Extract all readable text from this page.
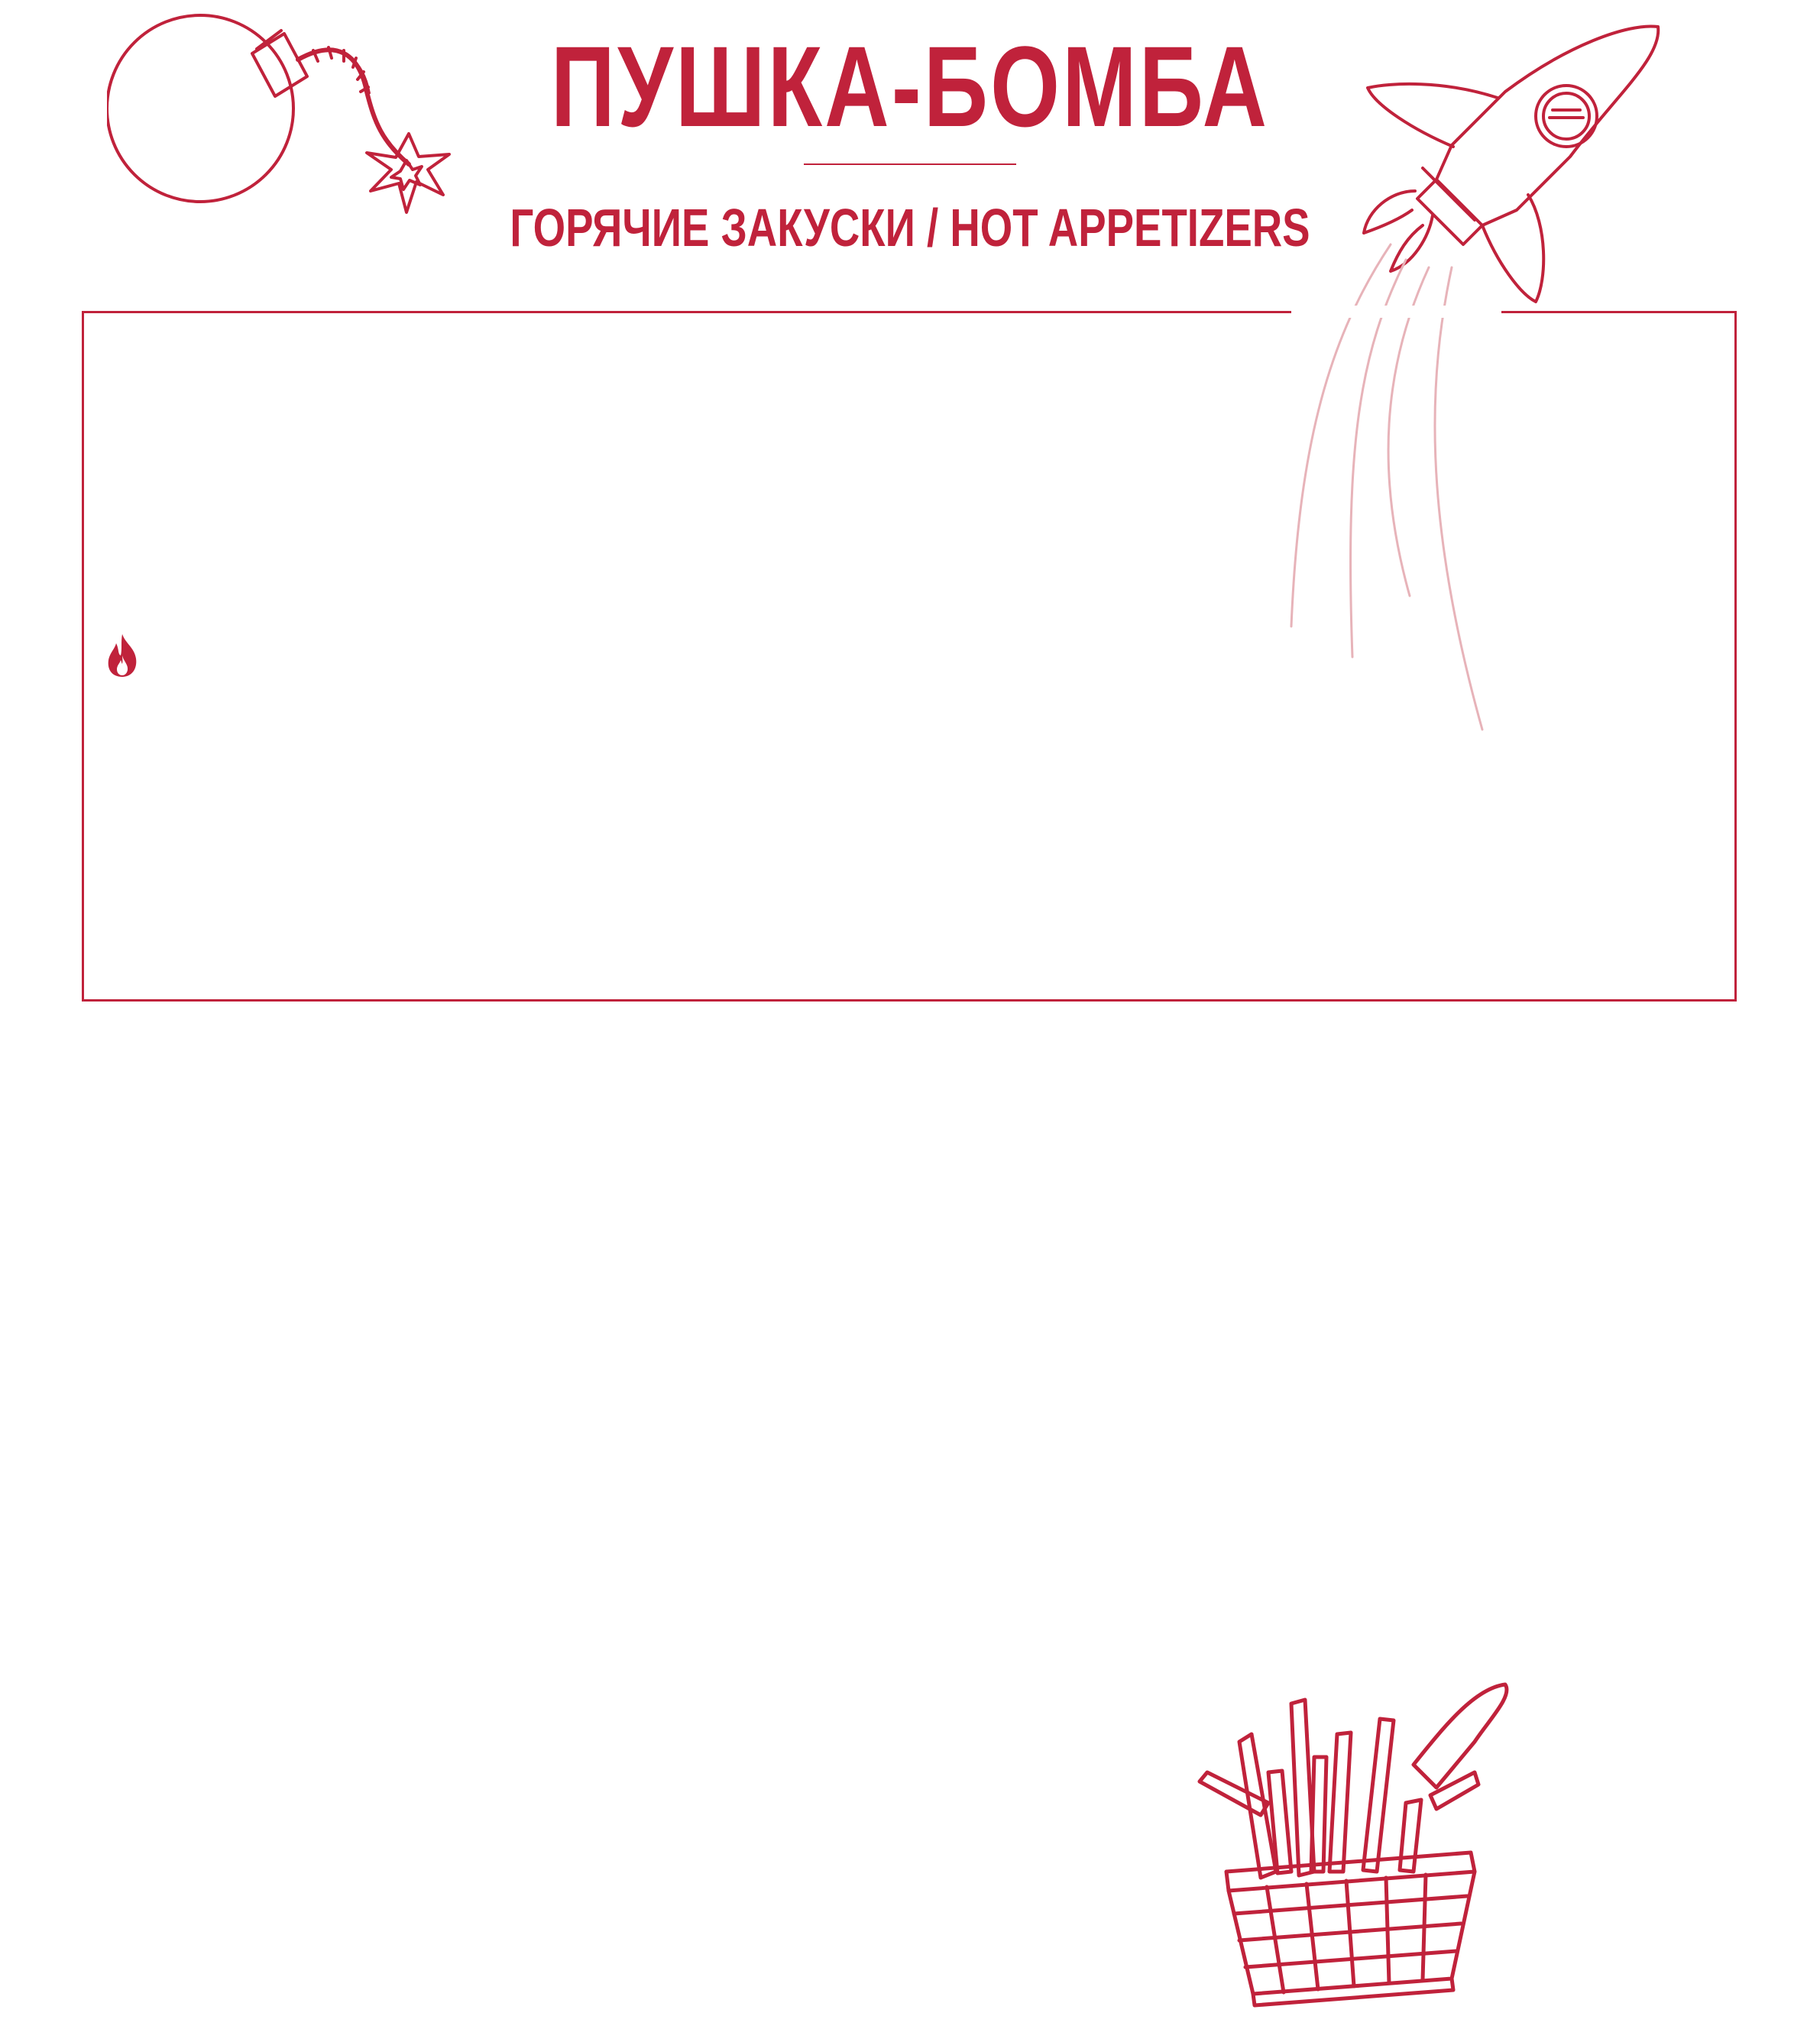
ПУШКА-БОМБА
ГОРЯЧИЕ ЗАКУСКИ / HOT APPETIZERS
